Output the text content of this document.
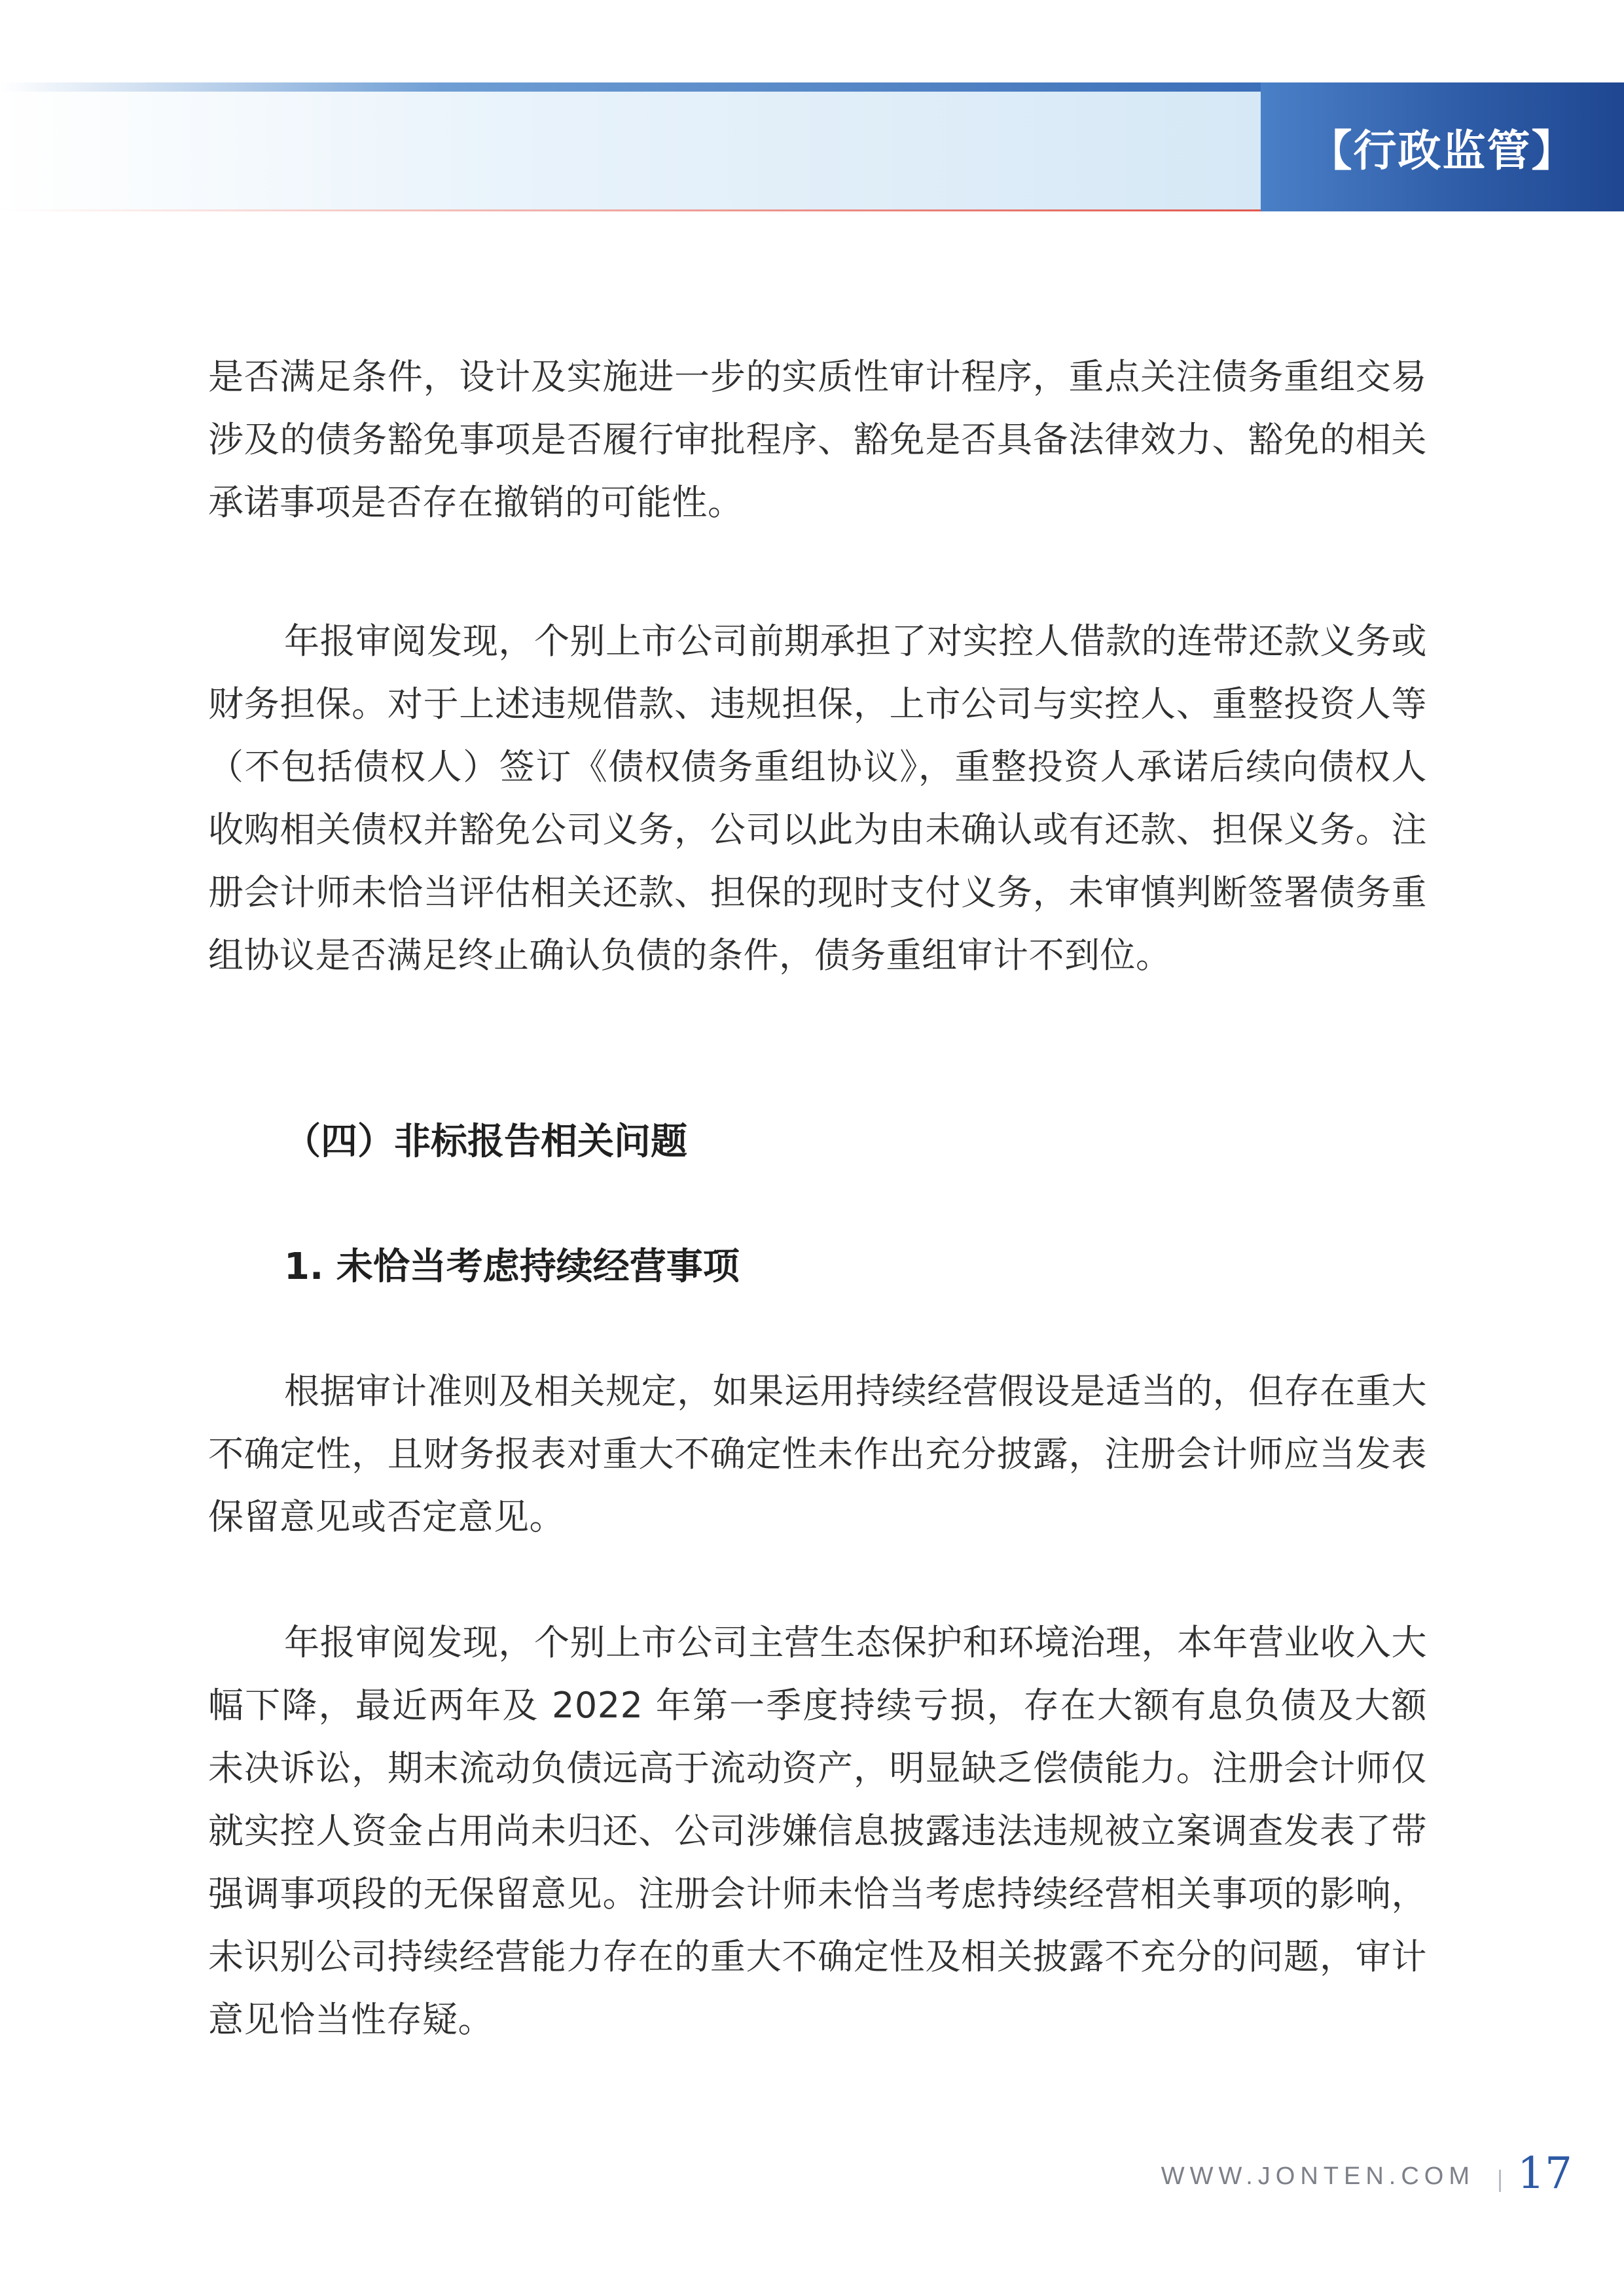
【行政监管】

是否满足条件，设计及实施进一步的实质性审计程序，重点关注债务重组交易涉及的债务豁免事项是否履行审批程序、豁免是否具备法律效力、豁免的相关承诺事项是否存在撤销的可能性。

年报审阅发现，个别上市公司前期承担了对实控人借款的连带还款义务或财务担保。对于上述违规借款、违规担保，上市公司与实控人、重整投资人等（不包括债权人）签订《债权债务重组协议》，重整投资人承诺后续向债权人收购相关债权并豁免公司义务，公司以此为由未确认或有还款、担保义务。注册会计师未恰当评估相关还款、担保的现时支付义务，未审慎判断签署债务重组协议是否满足终止确认负债的条件，债务重组审计不到位。

（四）非标报告相关问题
1. 未恰当考虑持续经营事项

根据审计准则及相关规定，如果运用持续经营假设是适当的，但存在重大不确定性，且财务报表对重大不确定性未作出充分披露，注册会计师应当发表保留意见或否定意见。

年报审阅发现，个别上市公司主营生态保护和环境治理，本年营业收入大幅下降，最近两年及 2022 年第一季度持续亏损，存在大额有息负债及大额未决诉讼，期末流动负债远高于流动资产，明显缺乏偿债能力。注册会计师仅就实控人资金占用尚未归还、公司涉嫌信息披露违法违规被立案调查发表了带强调事项段的无保留意见。注册会计师未恰当考虑持续经营相关事项的影响，未识别公司持续经营能力存在的重大不确定性及相关披露不充分的问题，审计意见恰当性存疑。

WWW.JONTEN.COM 17
